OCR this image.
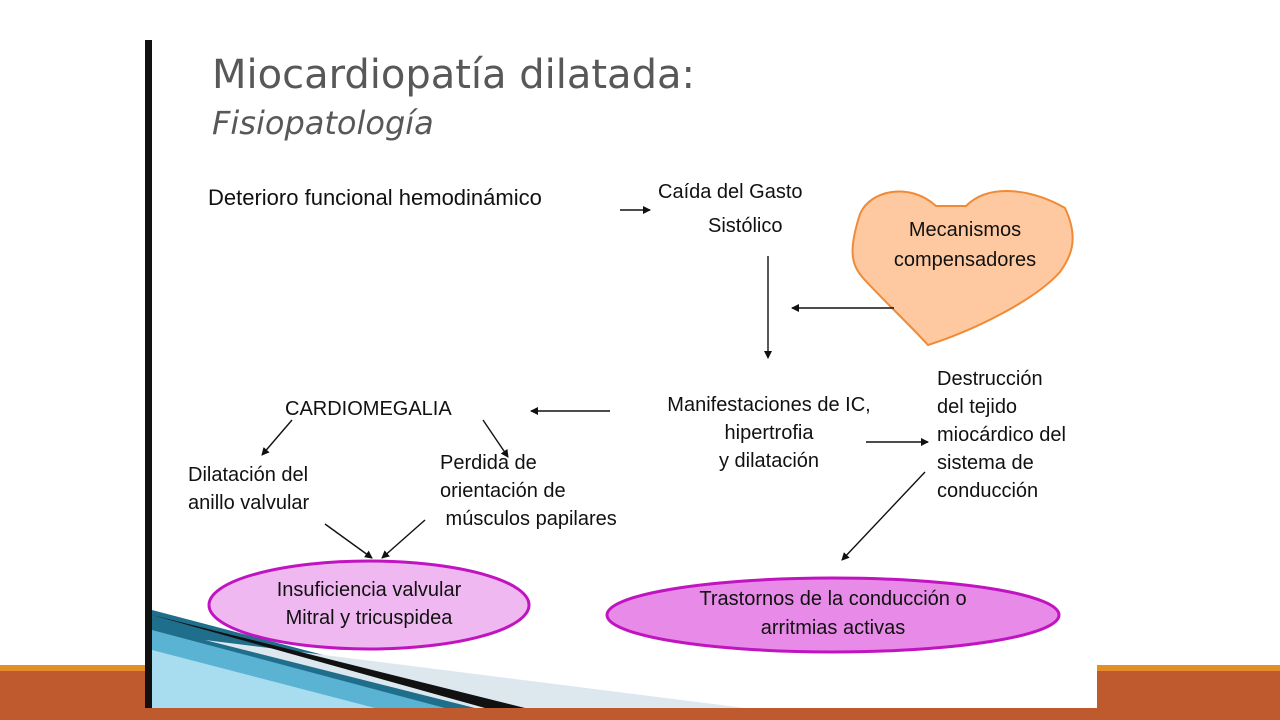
Miocardiopatía dilatada:
Fisiopatología
Deterioro funcional hemodinámico	Caída del Gasto
Sistólico	Mecanismos
compensadores
Manifestaciones de IC,
hipertrofia
y dilatación
Destrucción
del tejido
miocárdico del
sistema de
conducción
CARDIOMEGALIA
Dilatación del
anillo valvular
Perdida de
orientación de
músculos papilares
Insuficiencia valvular
Mitral y tricuspidea
Trastornos de la conducción o
arritmias activas
